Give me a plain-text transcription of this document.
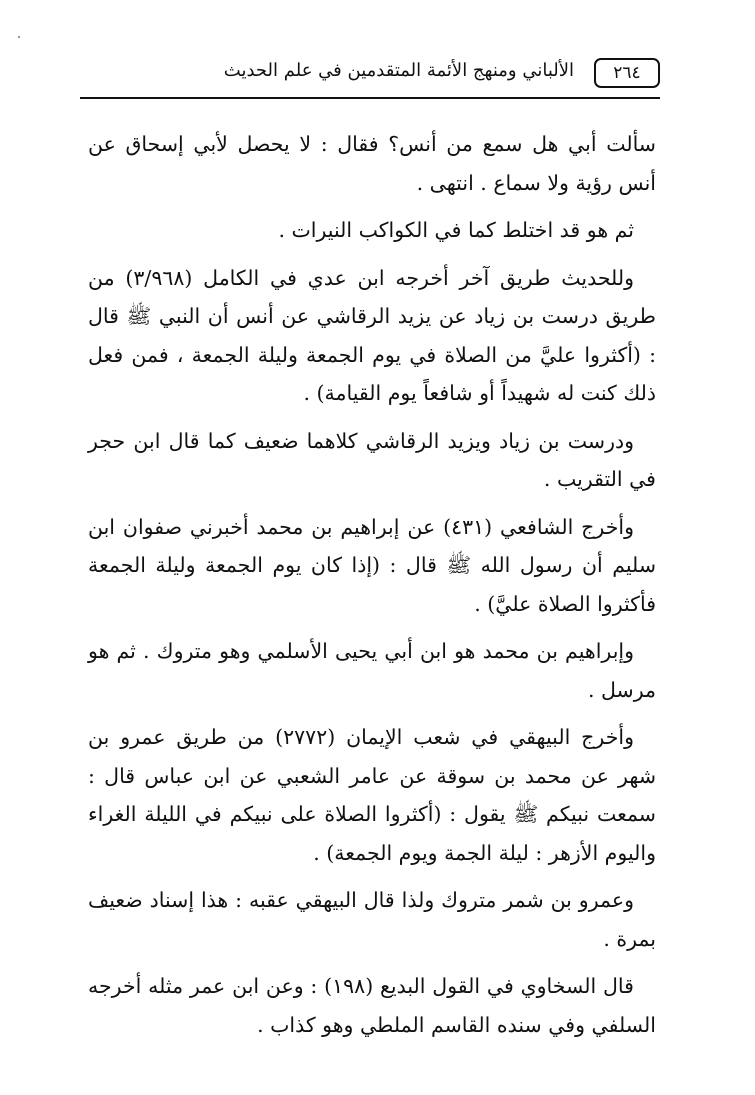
٢٦٤
الألباني ومنهج الأئمة المتقدمين في علم الحديث

سألت أبي هل سمع من أنس؟ فقال : لا يحصل لأبي إسحاق عن أنس رؤية ولا سماع . انتهى .

ثم هو قد اختلط كما في الكواكب النيرات .

وللحديث طريق آخر أخرجه ابن عدي في الكامل (٣/٩٦٨) من طريق درست بن زياد عن يزيد الرقاشي عن أنس أن النبي ﷺ قال : (أكثروا عليَّ من الصلاة في يوم الجمعة وليلة الجمعة ، فمن فعل ذلك كنت له شهيداً أو شافعاً يوم القيامة) .

ودرست بن زياد ويزيد الرقاشي كلاهما ضعيف كما قال ابن حجر في التقريب .

وأخرج الشافعي (٤٣١) عن إبراهيم بن محمد أخبرني صفوان ابن سليم أن رسول الله ﷺ قال : (إذا كان يوم الجمعة وليلة الجمعة فأكثروا الصلاة عليَّ) .

وإبراهيم بن محمد هو ابن أبي يحيى الأسلمي وهو متروك . ثم هو مرسل .

وأخرج البيهقي في شعب الإيمان (٢٧٧٢) من طريق عمرو بن شهر عن محمد بن سوقة عن عامر الشعبي عن ابن عباس قال : سمعت نبيكم ﷺ يقول : (أكثروا الصلاة على نبيكم في الليلة الغراء واليوم الأزهر : ليلة الجمة ويوم الجمعة) .

وعمرو بن شمر متروك ولذا قال البيهقي عقبه : هذا إسناد ضعيف بمرة .

قال السخاوي في القول البديع (١٩٨) : وعن ابن عمر مثله أخرجه السلفي وفي سنده القاسم الملطي وهو كذاب .
